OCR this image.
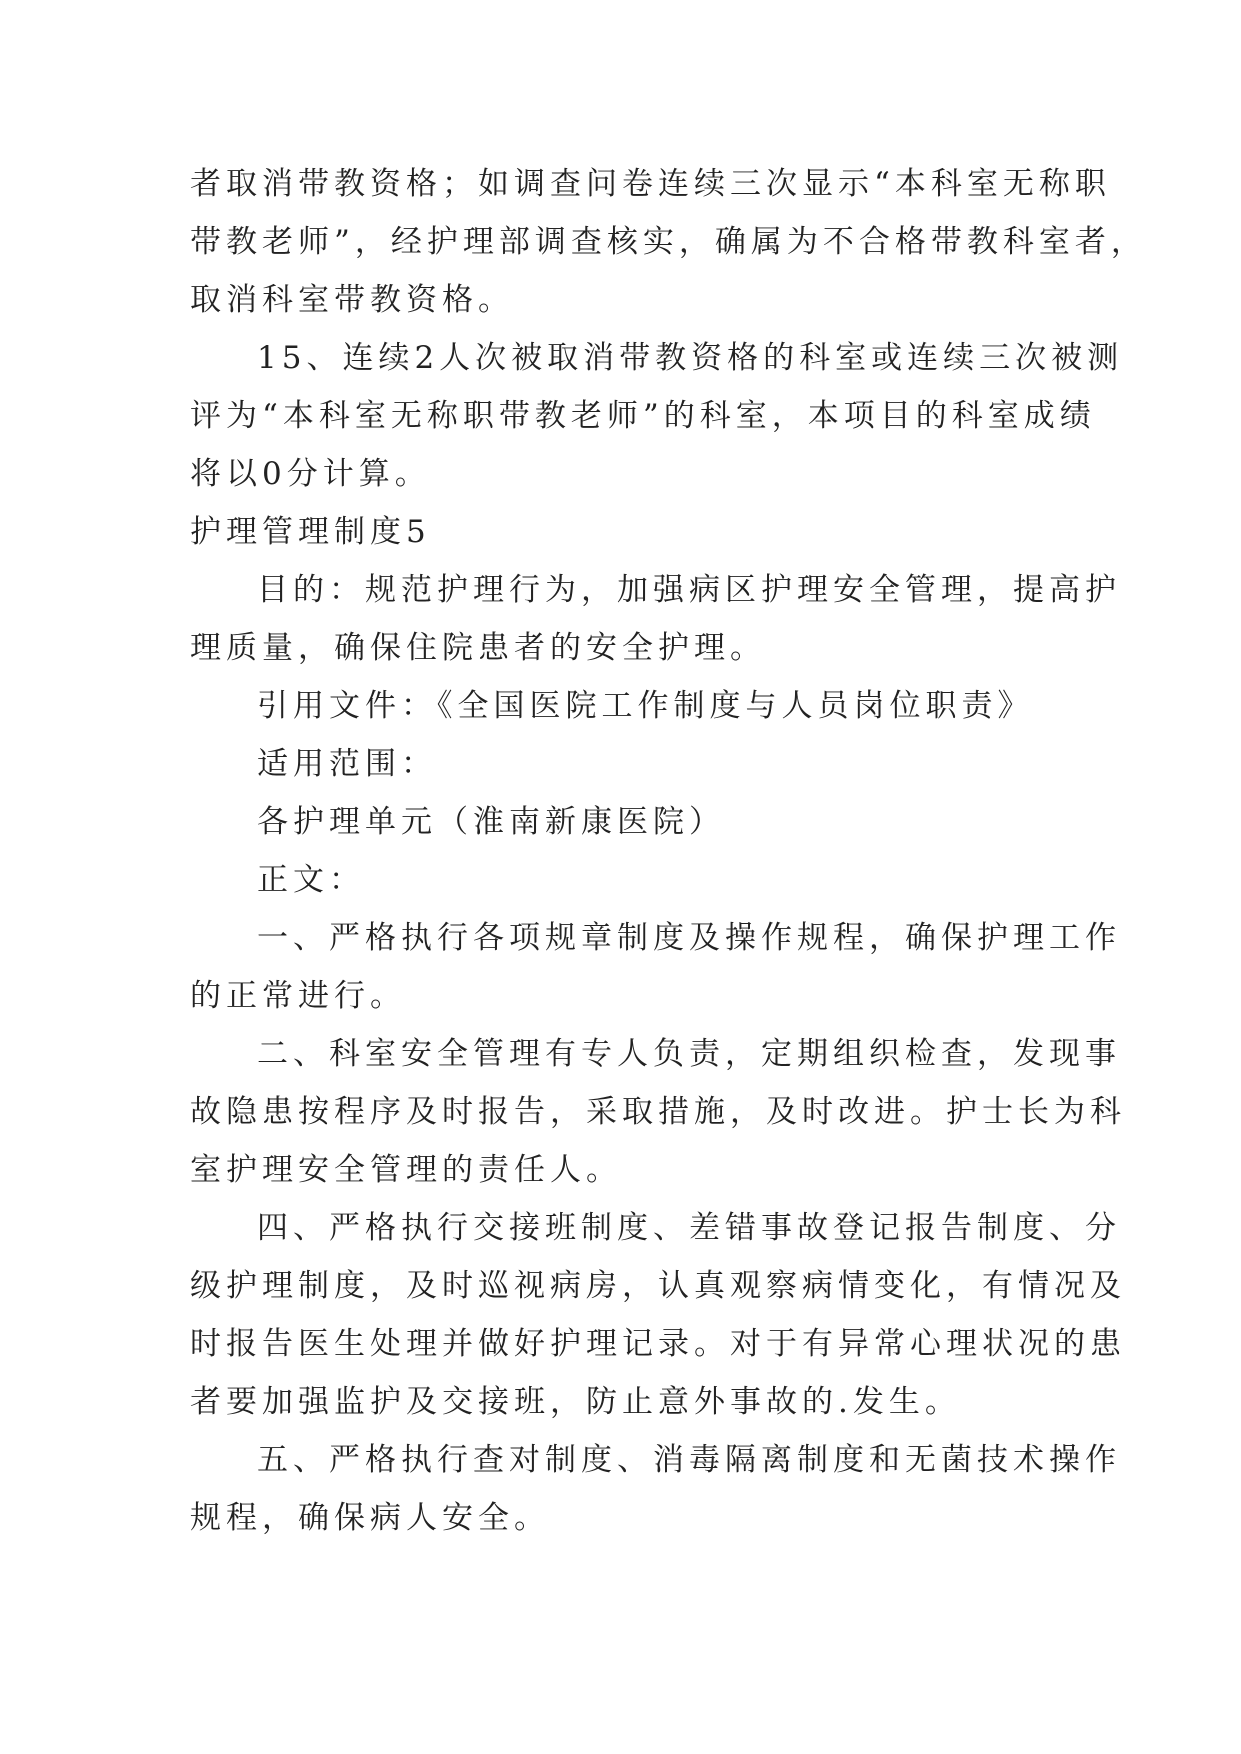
者取消带教资格；如调查问卷连续三次显示“本科室无称职
带教老师”，经护理部调查核实，确属为不合格带教科室者，
取消科室带教资格。
15、连续2人次被取消带教资格的科室或连续三次被测
评为“本科室无称职带教老师”的科室，本项目的科室成绩
将以0分计算。
护理管理制度5
目的：规范护理行为，加强病区护理安全管理，提高护
理质量，确保住院患者的安全护理。
引用文件：《全国医院工作制度与人员岗位职责》
适用范围：
各护理单元（淮南新康医院）
正文：
一、严格执行各项规章制度及操作规程，确保护理工作
的正常进行。
二、科室安全管理有专人负责，定期组织检查，发现事
故隐患按程序及时报告，采取措施，及时改进。护士长为科
室护理安全管理的责任人。
四、严格执行交接班制度、差错事故登记报告制度、分
级护理制度，及时巡视病房，认真观察病情变化，有情况及
时报告医生处理并做好护理记录。对于有异常心理状况的患
者要加强监护及交接班，防止意外事故的.发生。
五、严格执行查对制度、消毒隔离制度和无菌技术操作
规程，确保病人安全。
